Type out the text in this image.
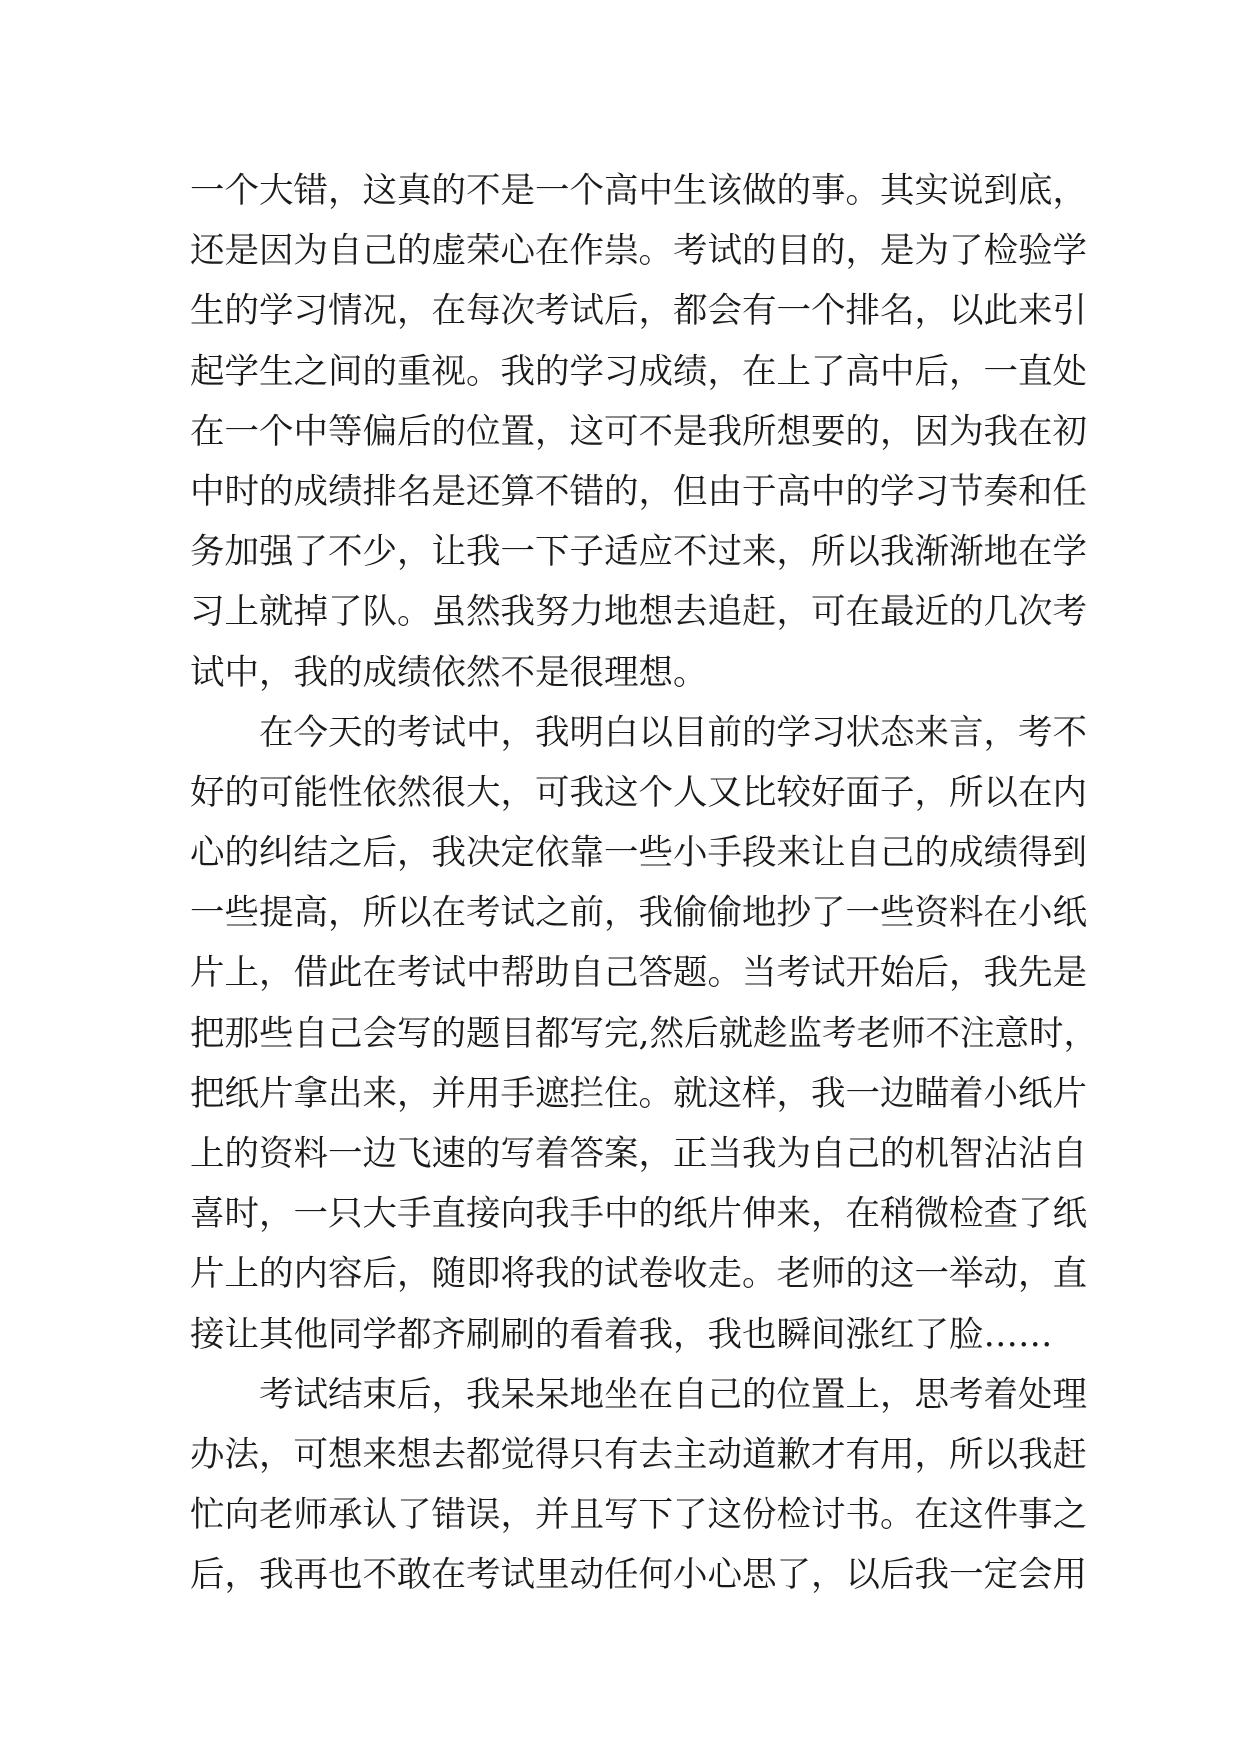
一个大错，这真的不是一个高中生该做的事。其实说到底，
还是因为自己的虚荣心在作祟。考试的目的，是为了检验学
生的学习情况，在每次考试后，都会有一个排名，以此来引
起学生之间的重视。我的学习成绩，在上了高中后，一直处
在一个中等偏后的位置，这可不是我所想要的，因为我在初
中时的成绩排名是还算不错的，但由于高中的学习节奏和任
务加强了不少，让我一下子适应不过来，所以我渐渐地在学
习上就掉了队。虽然我努力地想去追赶，可在最近的几次考
试中，我的成绩依然不是很理想。
在今天的考试中，我明白以目前的学习状态来言，考不
好的可能性依然很大，可我这个人又比较好面子，所以在内
心的纠结之后，我决定依靠一些小手段来让自己的成绩得到
一些提高，所以在考试之前，我偷偷地抄了一些资料在小纸
片上，借此在考试中帮助自己答题。当考试开始后，我先是
把那些自己会写的题目都写完,然后就趁监考老师不注意时，
把纸片拿出来，并用手遮拦住。就这样，我一边瞄着小纸片
上的资料一边飞速的写着答案，正当我为自己的机智沾沾自
喜时，一只大手直接向我手中的纸片伸来，在稍微检查了纸
片上的内容后，随即将我的试卷收走。老师的这一举动，直
接让其他同学都齐刷刷的看着我，我也瞬间涨红了脸……
考试结束后，我呆呆地坐在自己的位置上，思考着处理
办法，可想来想去都觉得只有去主动道歉才有用，所以我赶
忙向老师承认了错误，并且写下了这份检讨书。在这件事之
后，我再也不敢在考试里动任何小心思了，以后我一定会用
